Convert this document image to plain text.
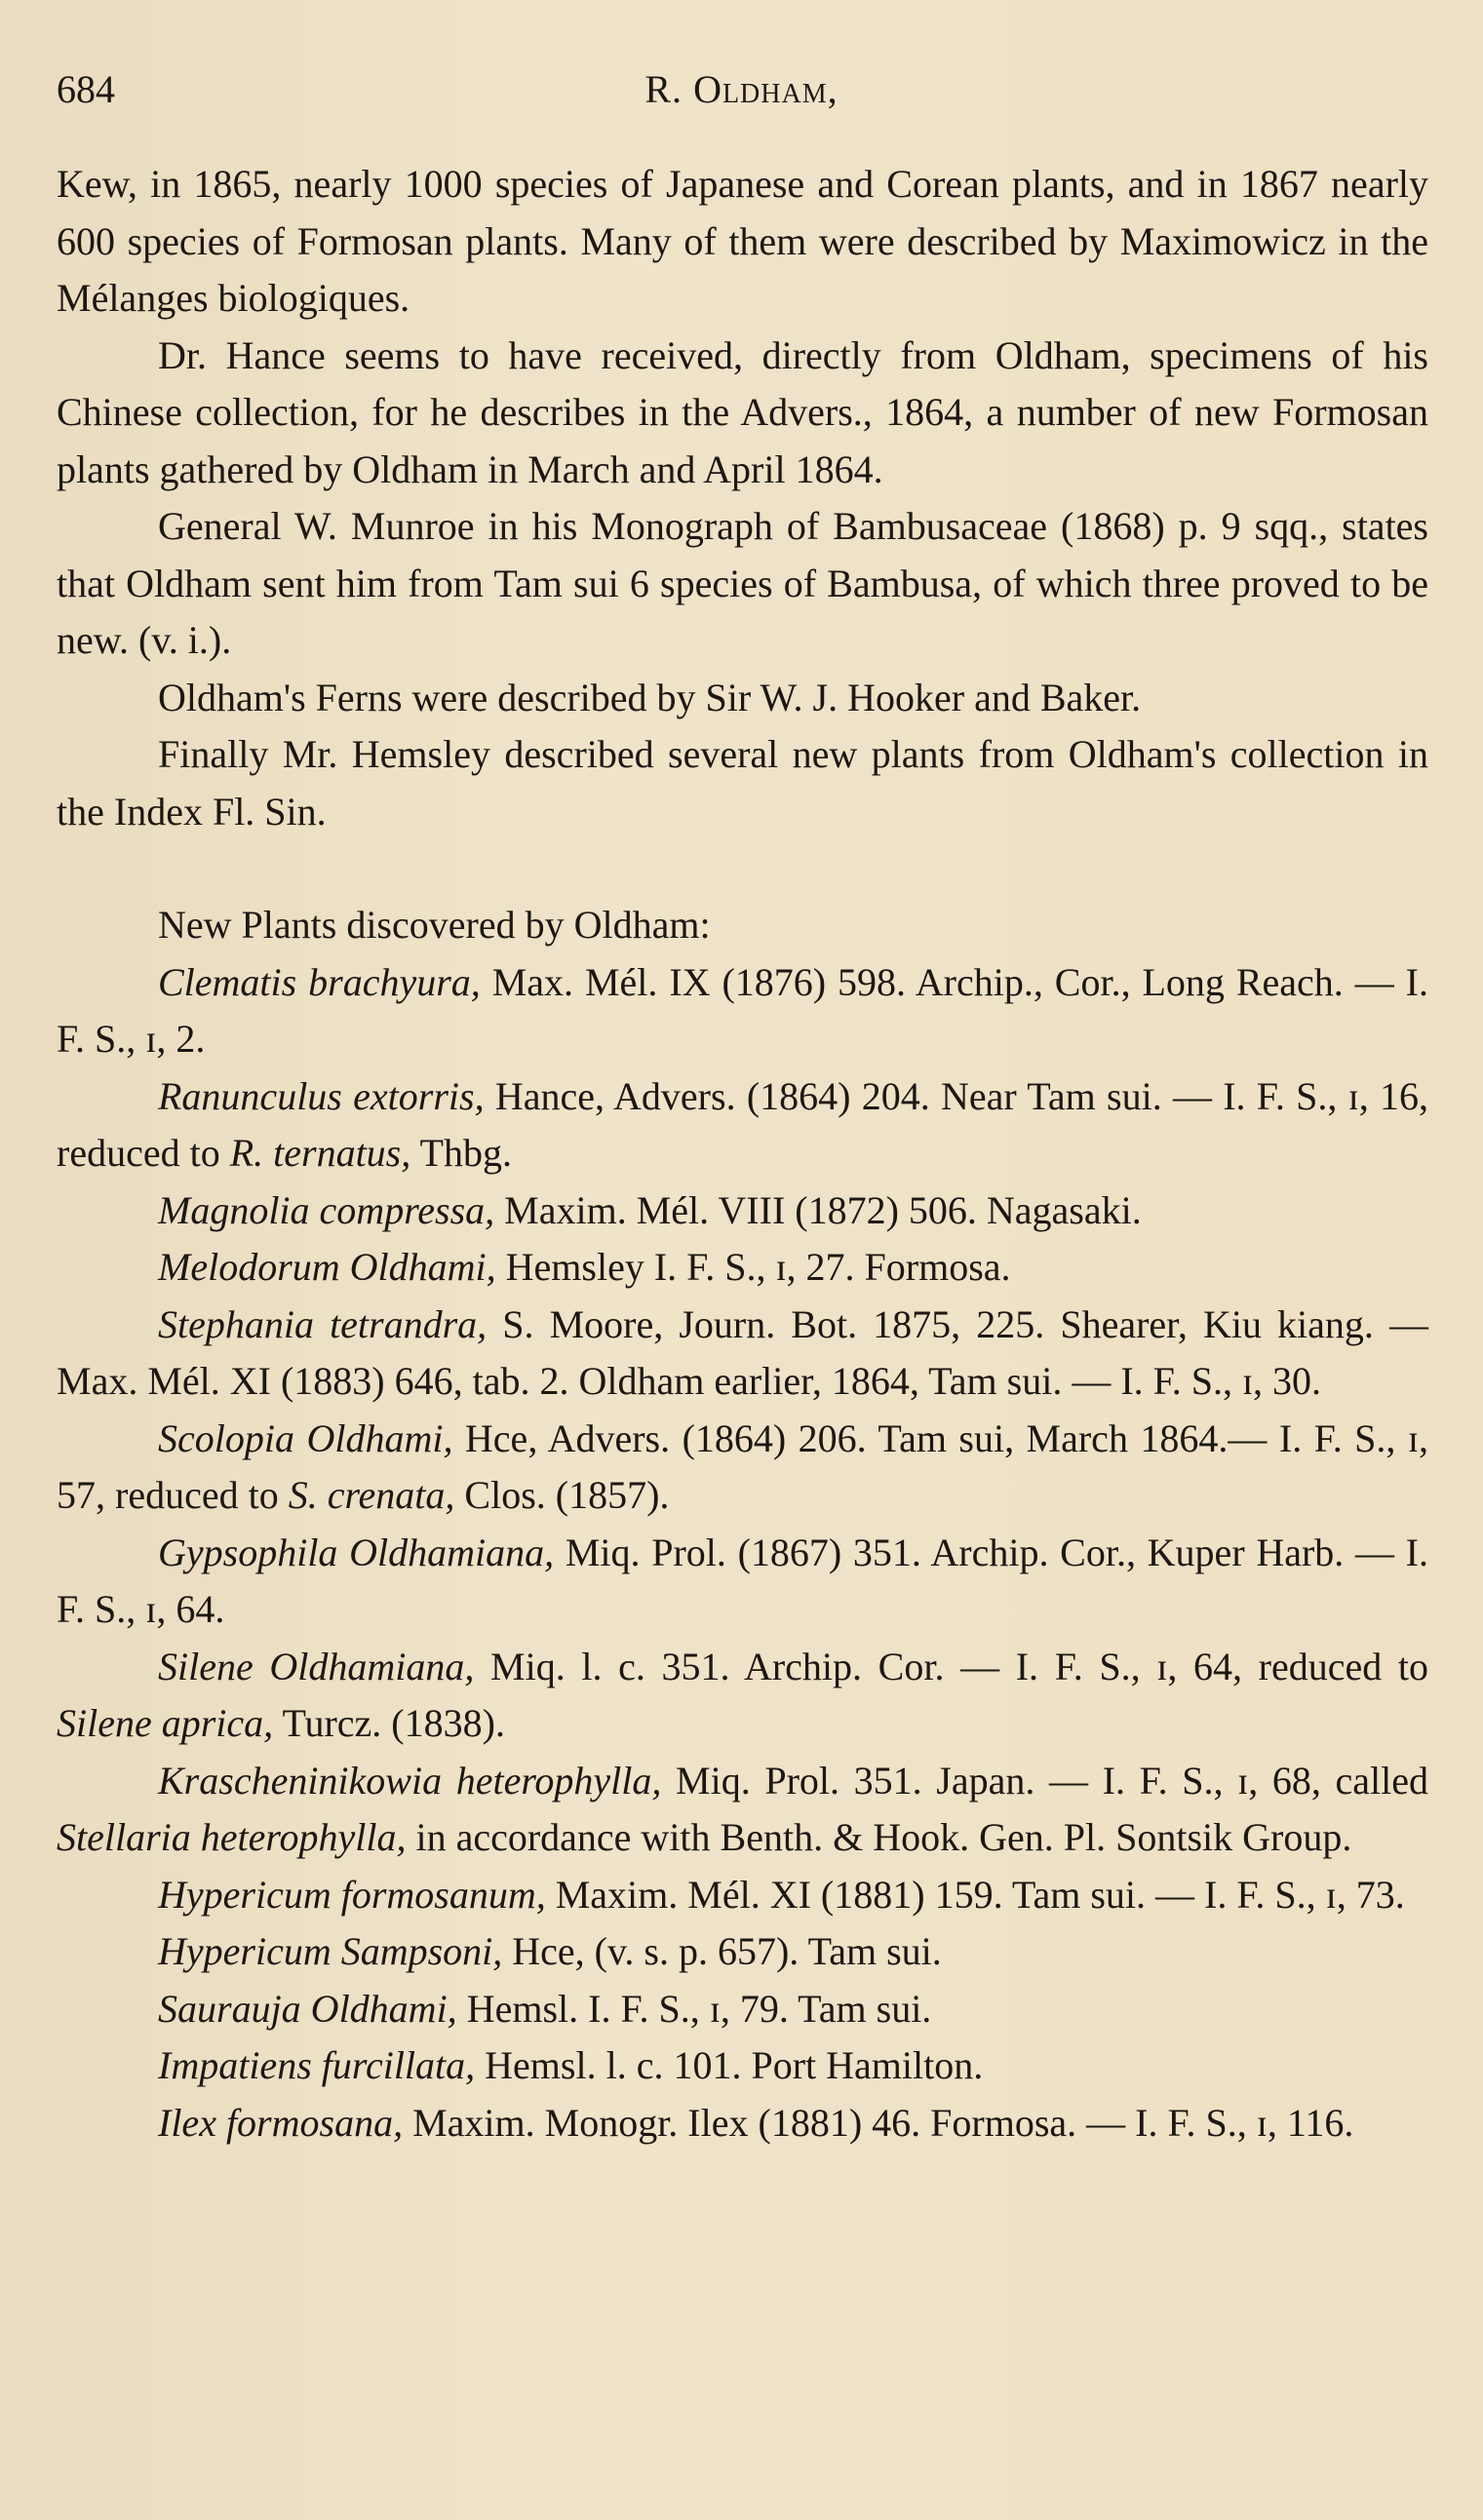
684	R. Oldham,

Kew, in 1865, nearly 1000 species of Japanese and Corean plants, and in 1867 nearly 600 species of Formosan plants. Many of them were described by Maximowicz in the Mélanges biologiques.

Dr. Hance seems to have received, directly from Oldham, specimens of his Chinese collection, for he describes in the Advers., 1864, a number of new Formosan plants gathered by Oldham in March and April 1864.

General W. Munroe in his Monograph of Bambusaceae (1868) p. 9 sqq., states that Oldham sent him from Tam sui 6 species of Bambusa, of which three proved to be new. (v. i.).

Oldham's Ferns were described by Sir W. J. Hooker and Baker.

Finally Mr. Hemsley described several new plants from Oldham's collection in the Index Fl. Sin.

New Plants discovered by Oldham:

Clematis brachyura, Max. Mél. IX (1876) 598. Archip., Cor., Long Reach. — I. F. S., ɪ, 2.

Ranunculus extorris, Hance, Advers. (1864) 204. Near Tam sui. — I. F. S., ɪ, 16, reduced to R. ternatus, Thbg.

Magnolia compressa, Maxim. Mél. VIII (1872) 506. Nagasaki.

Melodorum Oldhami, Hemsley I. F. S., ɪ, 27. Formosa.

Stephania tetrandra, S. Moore, Journ. Bot. 1875, 225. Shearer, Kiu kiang. — Max. Mél. XI (1883) 646, tab. 2. Oldham earlier, 1864, Tam sui. — I. F. S., ɪ, 30.

Scolopia Oldhami, Hce, Advers. (1864) 206. Tam sui, March 1864.— I. F. S., ɪ, 57, reduced to S. crenata, Clos. (1857).

Gypsophila Oldhamiana, Miq. Prol. (1867) 351. Archip. Cor., Kuper Harb. — I. F. S., ɪ, 64.

Silene Oldhamiana, Miq. l. c. 351. Archip. Cor. — I. F. S., ɪ, 64, reduced to Silene aprica, Turcz. (1838).

Krascheninikowia heterophylla, Miq. Prol. 351. Japan. — I. F. S., ɪ, 68, called Stellaria heterophylla, in accordance with Benth. & Hook. Gen. Pl. Sontsik Group.

Hypericum formosanum, Maxim. Mél. XI (1881) 159. Tam sui. — I. F. S., ɪ, 73.

Hypericum Sampsoni, Hce, (v. s. p. 657). Tam sui.

Saurauja Oldhami, Hemsl. I. F. S., ɪ, 79. Tam sui.

Impatiens furcillata, Hemsl. l. c. 101. Port Hamilton.

Ilex formosana, Maxim. Monogr. Ilex (1881) 46. Formosa. — I. F. S., ɪ, 116.
